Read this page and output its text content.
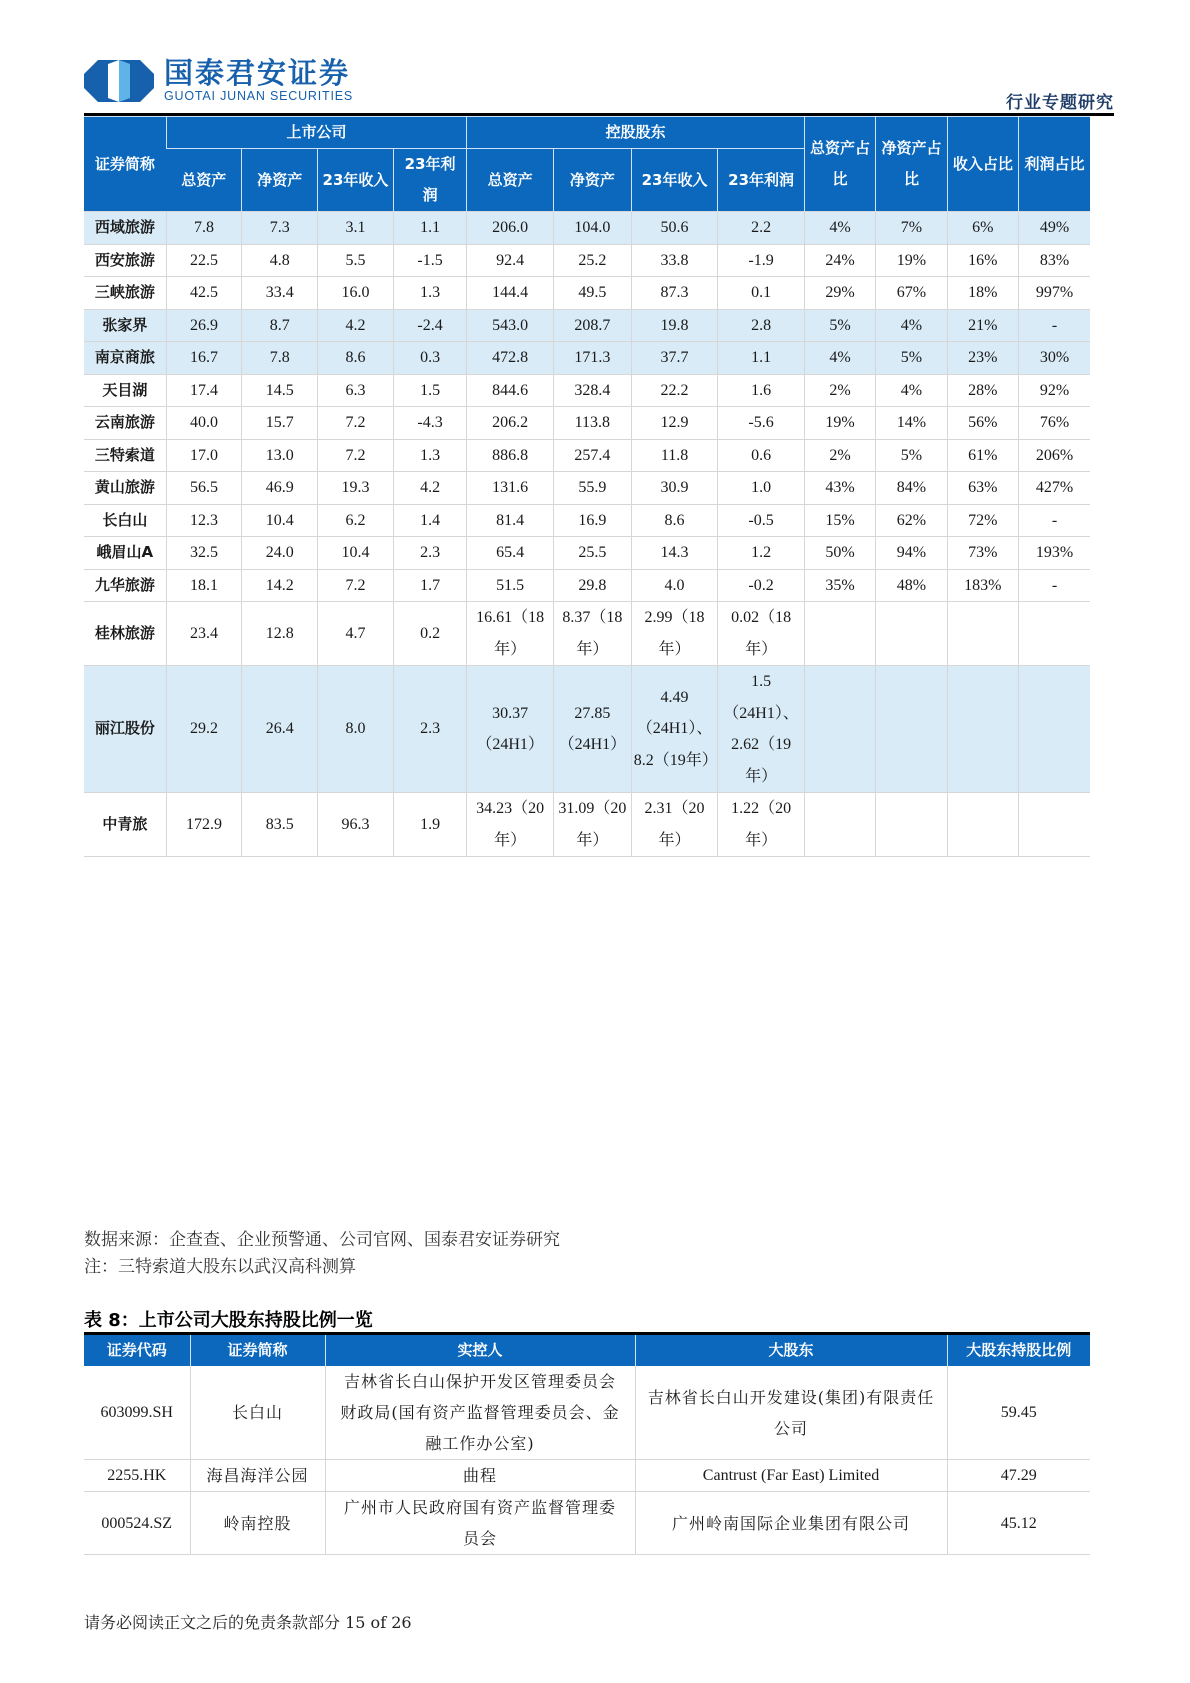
国泰君安证券
GUOTAI JUNAN SECURITIES	行业专题研究
证券简称	上市公司				控股股东				总资产占比	净资产占比	收入占比	利润占比
	总资产	净资产	23年收入	23年利润	总资产	净资产	23年收入	23年利润				
西域旅游	7.8	7.3	3.1	1.1	206.0	104.0	50.6	2.2	4%	7%	6%	49%
西安旅游	22.5	4.8	5.5	-1.5	92.4	25.2	33.8	-1.9	24%	19%	16%	83%
三峡旅游	42.5	33.4	16.0	1.3	144.4	49.5	87.3	0.1	29%	67%	18%	997%
张家界	26.9	8.7	4.2	-2.4	543.0	208.7	19.8	2.8	5%	4%	21%	-
南京商旅	16.7	7.8	8.6	0.3	472.8	171.3	37.7	1.1	4%	5%	23%	30%
天目湖	17.4	14.5	6.3	1.5	844.6	328.4	22.2	1.6	2%	4%	28%	92%
云南旅游	40.0	15.7	7.2	-4.3	206.2	113.8	12.9	-5.6	19%	14%	56%	76%
三特索道	17.0	13.0	7.2	1.3	886.8	257.4	11.8	0.6	2%	5%	61%	206%
黄山旅游	56.5	46.9	19.3	4.2	131.6	55.9	30.9	1.0	43%	84%	63%	427%
长白山	12.3	10.4	6.2	1.4	81.4	16.9	8.6	-0.5	15%	62%	72%	-
峨眉山A	32.5	24.0	10.4	2.3	65.4	25.5	14.3	1.2	50%	94%	73%	193%
九华旅游	18.1	14.2	7.2	1.7	51.5	29.8	4.0	-0.2	35%	48%	183%	-
桂林旅游	23.4	12.8	4.7	0.2	16.61（18年）	8.37（18年）	2.99（18年）	0.02（18年）				
丽江股份	29.2	26.4	8.0	2.3	30.37（24H1）	27.85（24H1）	4.49（24H1）、8.2（19年）	1.5（24H1）、2.62（19年）				
中青旅	172.9	83.5	96.3	1.9	34.23（20年）	31.09（20年）	2.31（20年）	1.22（20年）				
数据来源：企查查、企业预警通、公司官网、国泰君安证券研究
注：三特索道大股东以武汉高科测算
表 8：上市公司大股东持股比例一览
证券代码	证券简称	实控人	大股东	大股东持股比例
603099.SH	长白山	吉林省长白山保护开发区管理委员会财政局(国有资产监督管理委员会、金融工作办公室)	吉林省长白山开发建设(集团)有限责任公司	59.45
2255.HK	海昌海洋公园	曲程	Cantrust (Far East) Limited	47.29
000524.SZ	岭南控股	广州市人民政府国有资产监督管理委员会	广州岭南国际企业集团有限公司	45.12
请务必阅读正文之后的免责条款部分 15 of 26
